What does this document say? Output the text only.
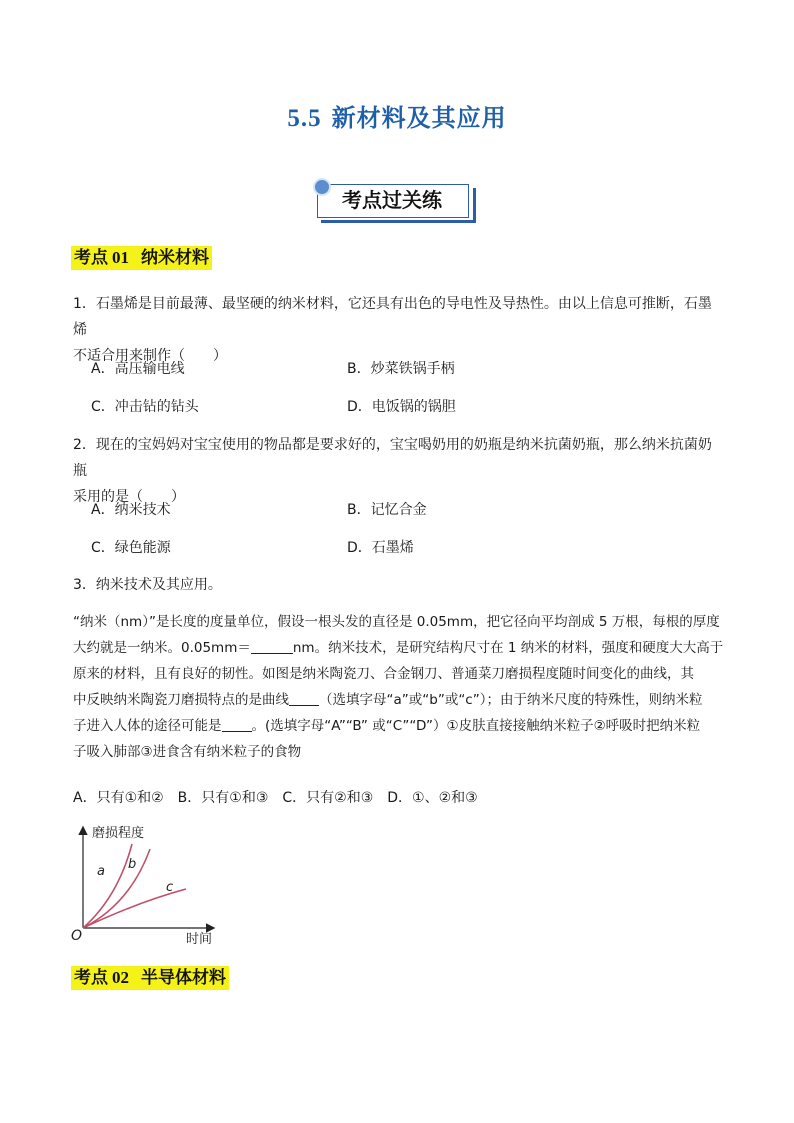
5.5 新材料及其应用
考点过关练
考点 01 纳米材料
1．石墨烯是目前最薄、最坚硬的纳米材料，它还具有出色的导电性及导热性。由以上信息可推断，石墨烯
不适合用来制作（　　）
A．高压输电线	B．炒菜铁锅手柄
C．冲击钻的钻头	D．电饭锅的锅胆
2．现在的宝妈妈对宝宝使用的物品都是要求好的，宝宝喝奶用的奶瓶是纳米抗菌奶瓶，那么纳米抗菌奶瓶
采用的是（　　）
A．纳米技术	B．记忆合金
C．绿色能源	D．石墨烯
3．纳米技术及其应用。
“纳米（nm）”是长度的度量单位，假设一根头发的直径是 0.05mm，把它径向平均剖成 5 万根，每根的厚度
大约就是一纳米。0.05mm＝	nm。纳米技术，是研究结构尺寸在 1 纳米的材料，强度和硬度大大高于
原来的材料，且有良好的韧性。如图是纳米陶瓷刀、合金钢刀、普通菜刀磨损程度随时间变化的曲线，其
中反映纳米陶瓷刀磨损特点的是曲线 （选填字母“a”或“b”或“c”）；由于纳米尺度的特殊性，则纳米粒
子进入人体的途径可能是 。(选填字母“A”“B” 或“C”“D”）①皮肤直接接触纳米粒子②呼吸时把纳米粒
子吸入肺部③进食含有纳米粒子的食物
A．只有①和②　B．只有①和③　C．只有②和③　D．①、②和③
磨损程度
时间
O
a b
c
考点 02 半导体材料
